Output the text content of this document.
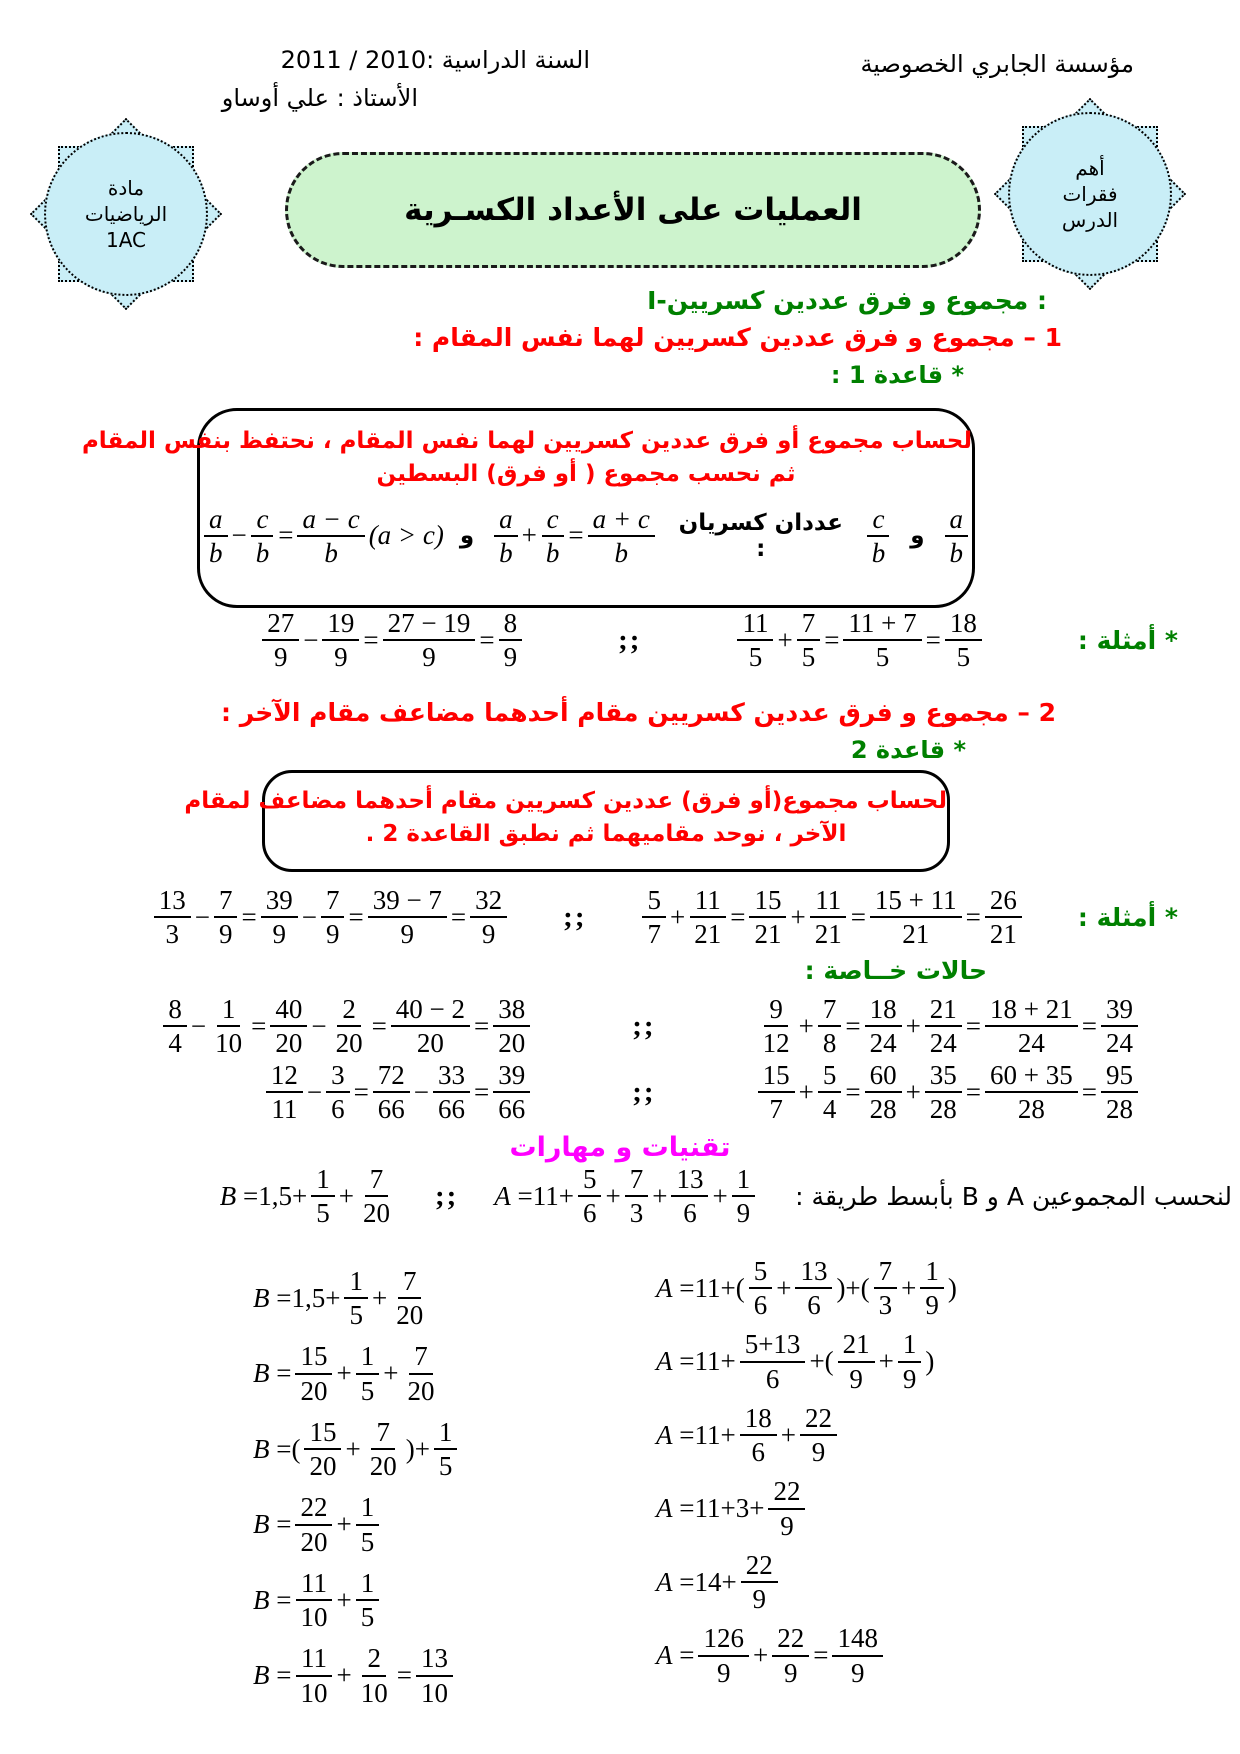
مؤسسة الجابري الخصوصية
السنة الدراسية :2010 / 2011
الأستاذ : علي أوساو
مادة
الرياضيات
1AC
أهم
فقرات
الدرس
العمليات على الأعداد الكسـرية
I-مجموع و فرق عددين كسريين :
1 – مجموع و فرق عددين كسريين لهما نفس المقام :
* قاعدة 1 :
لحساب مجموع أو فرق عددين كسريين لهما نفس المقام ، نحتفظ بنفس المقام
ثم نحسب مجموع ( أو فرق) البسطين
$\frac{a}{b}$
و
$\frac{c}{b}$
عددان كسريان :
$\frac{a}{b} + \frac{c}{b} = \frac{a + c}{b}$
و
$\frac{a}{b} - \frac{c}{b} = \frac{a - c}{b} (a > c)$
* أمثلة :
$\frac{11}{5} + \frac{7}{5} = \frac{11 + 7}{5} = \frac{18}{5}$
;;
$\frac{27}{9} - \frac{19}{9} = \frac{27 - 19}{9} = \frac{8}{9}$
2 – مجموع و فرق عددين كسريين مقام أحدهما مضاعف مقام الآخر :
* قاعدة 2
لحساب مجموع(أو فرق) عددين كسريين مقام أحدهما مضاعف لمقام
الآخر ، نوحد مقاميهما ثم نطبق القاعدة 2 .
* أمثلة :
$\frac{5}{7} + \frac{11}{21} = \frac{15}{21} + \frac{11}{21} = \frac{15 + 11}{21} = \frac{26}{21}$
;;
$\frac{13}{3} - \frac{7}{9} = \frac{39}{9} - \frac{7}{9} = \frac{39 - 7}{9} = \frac{32}{9}$
حالات خــاصة :
$\frac{9}{12} + \frac{7}{8} = \frac{18}{24} + \frac{21}{24} = \frac{18 + 21}{24} = \frac{39}{24}$
;;
$\frac{8}{4} - \frac{1}{10} = \frac{40}{20} - \frac{2}{20} = \frac{40 - 2}{20} = \frac{38}{20}$
$\frac{15}{7} + \frac{5}{4} = \frac{60}{28} + \frac{35}{28} = \frac{60 + 35}{28} = \frac{95}{28}$
;;
$\frac{12}{11} - \frac{3}{6} = \frac{72}{66} - \frac{33}{66} = \frac{39}{66}$
تقنيات و مهارات
لنحسب المجموعين A و B بأبسط طريقة :
$A =11+ \frac{5}{6} + \frac{7}{3} + \frac{13}{6} + \frac{1}{9}$
;;
$B =1,5+ \frac{1}{5} + \frac{7}{20}$
$B =1,5+ \frac{1}{5} + \frac{7}{20}$
$B = \frac{15}{20} + \frac{1}{5} + \frac{7}{20}$
B =( $\frac{15}{20} + \frac{7}{20}$ )+ $\frac{1}{5}$
$B = \frac{22}{20} + \frac{1}{5}$
$B = \frac{11}{10} + \frac{1}{5}$
$B = \frac{11}{10} + \frac{2}{10} = \frac{13}{10}$
$A =11+( \frac{5}{6} + \frac{13}{6}$ )+( $\frac{7}{3} + \frac{1}{9}$ )
$A =11+ \frac{5+13}{6}$ +( $\frac{21}{9} + \frac{1}{9}$ )
$A =11+ \frac{18}{6} + \frac{22}{9}$
$A =11+3+ \frac{22}{9}$
$A =14+ \frac{22}{9}$
$A = \frac{126}{9} + \frac{22}{9} = \frac{148}{9}$
